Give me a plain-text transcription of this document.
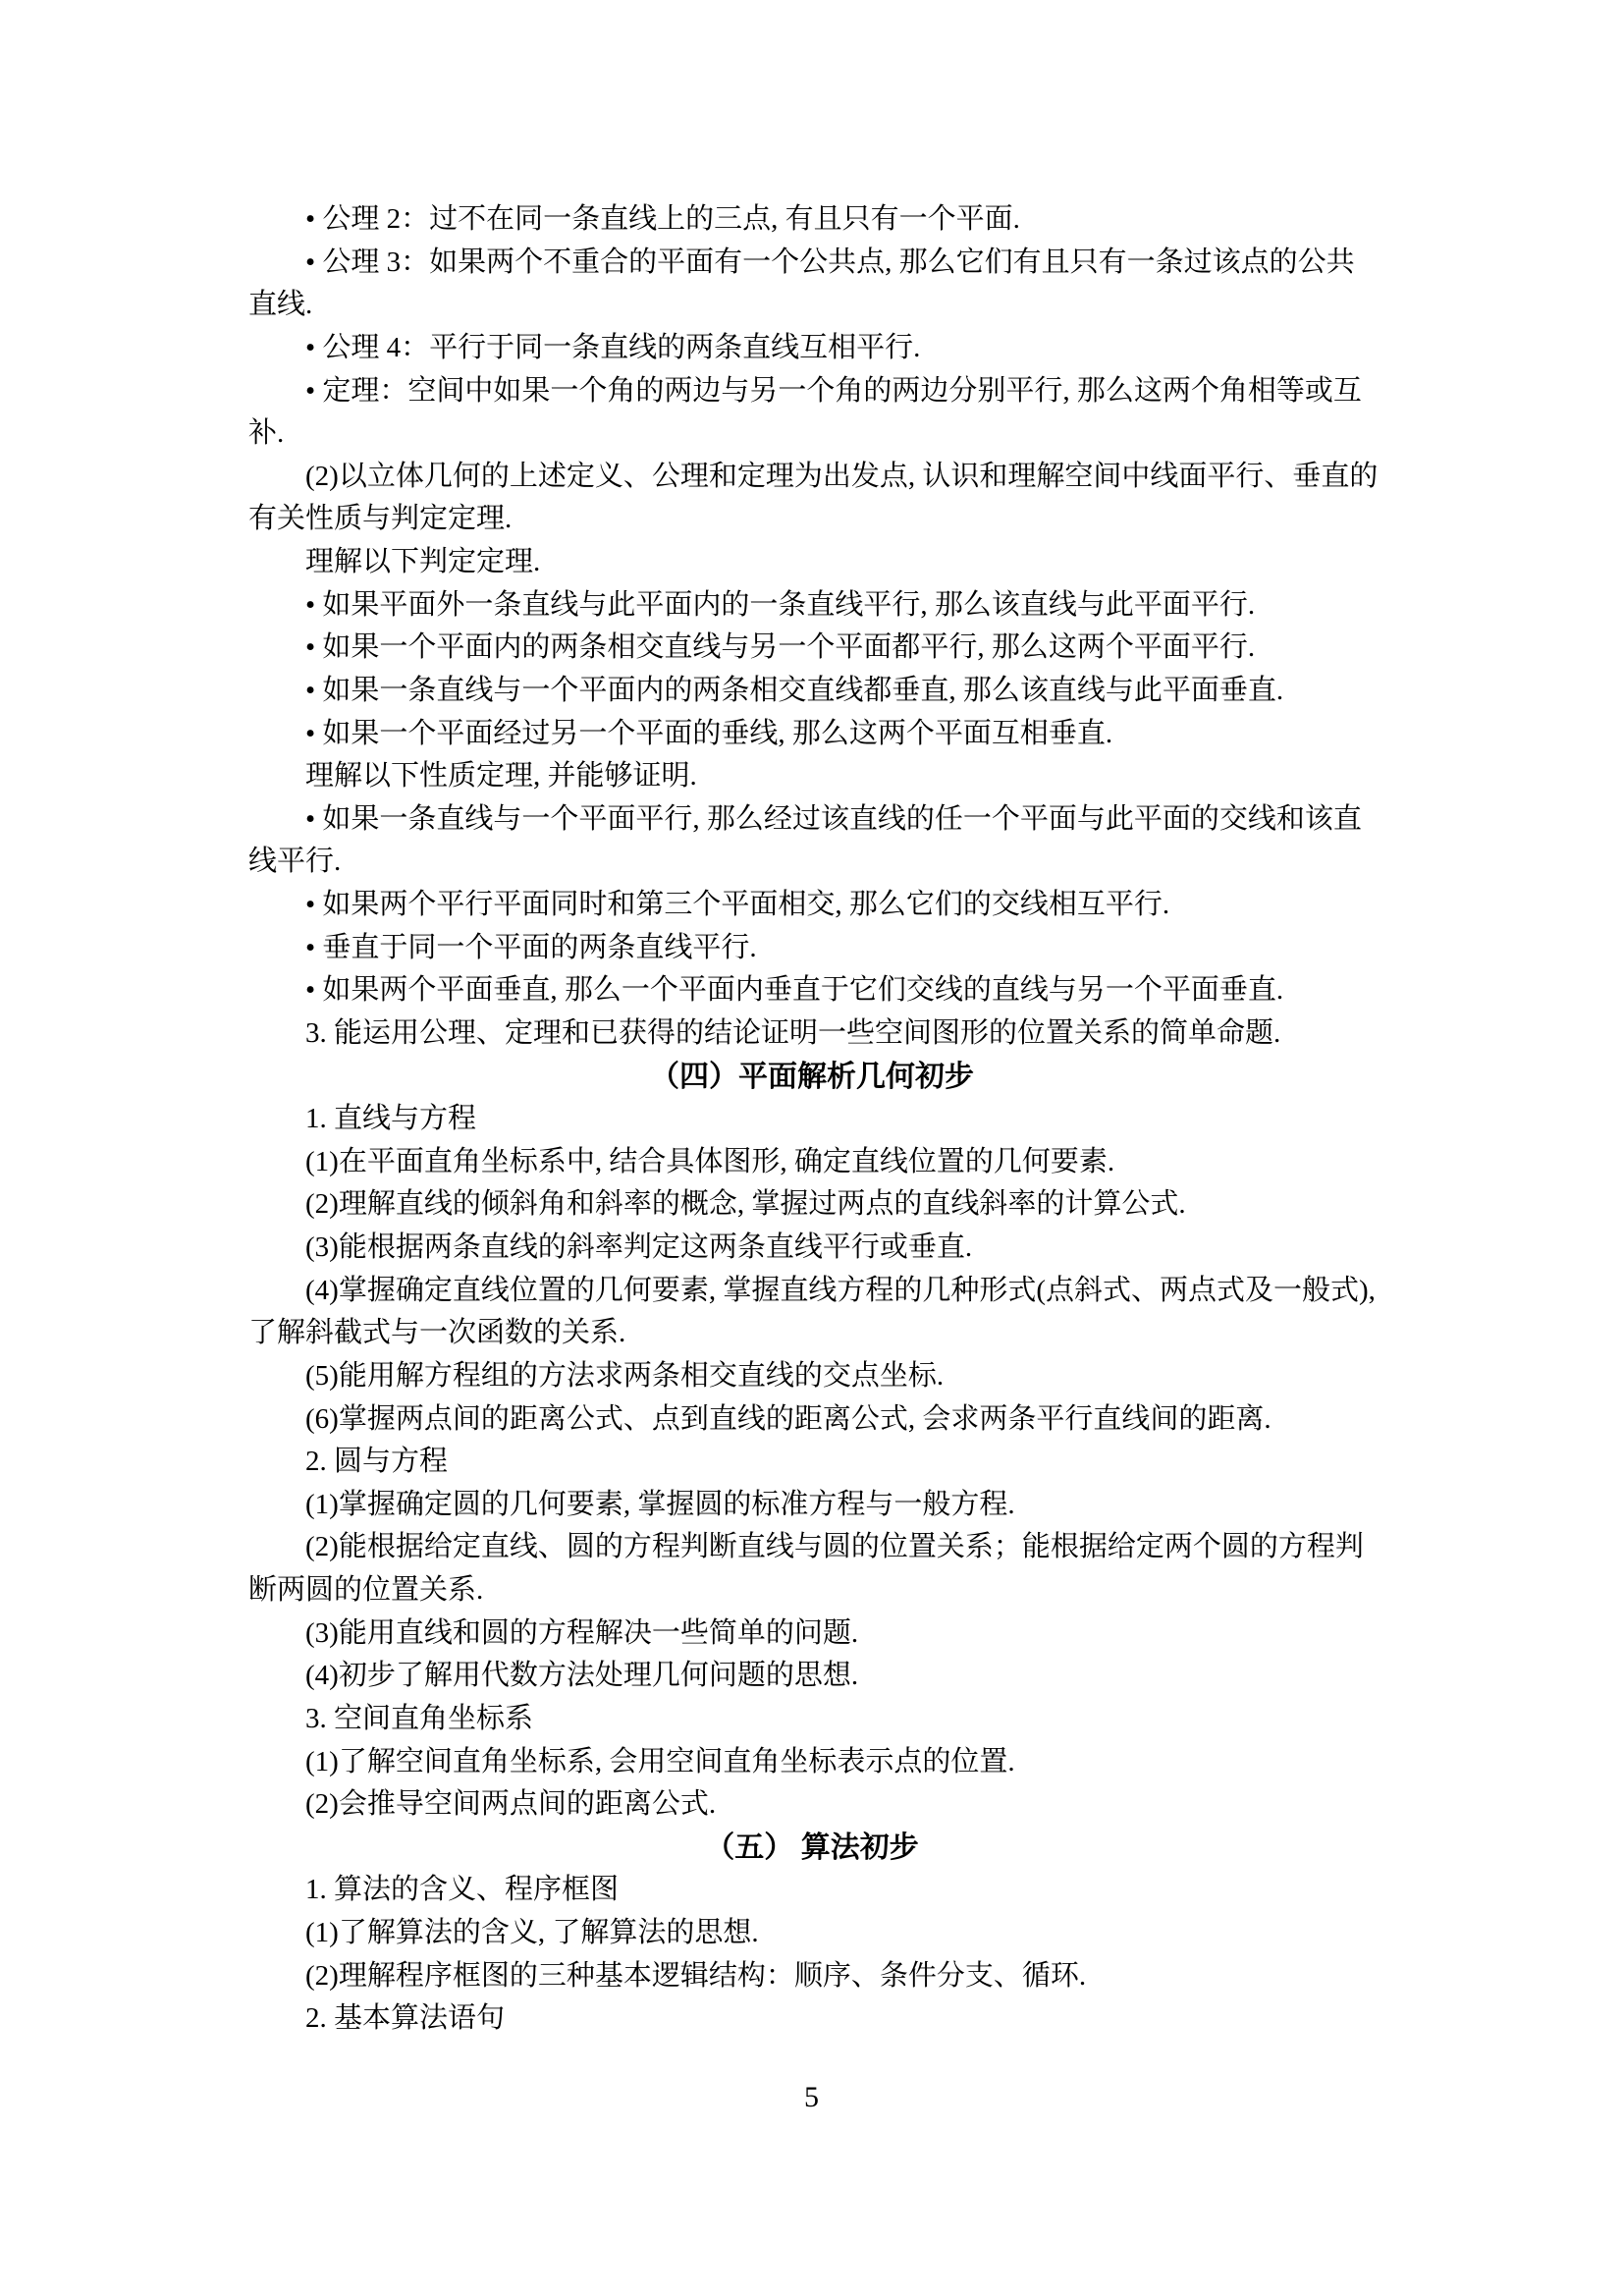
• 公理 2：过不在同一条直线上的三点, 有且只有一个平面.
• 公理 3：如果两个不重合的平面有一个公共点, 那么它们有且只有一条过该点的公共
直线.
• 公理 4：平行于同一条直线的两条直线互相平行.
• 定理：空间中如果一个角的两边与另一个角的两边分别平行, 那么这两个角相等或互
补.
(2)以立体几何的上述定义、公理和定理为出发点, 认识和理解空间中线面平行、垂直的
有关性质与判定定理.
理解以下判定定理.
• 如果平面外一条直线与此平面内的一条直线平行, 那么该直线与此平面平行.
• 如果一个平面内的两条相交直线与另一个平面都平行, 那么这两个平面平行.
• 如果一条直线与一个平面内的两条相交直线都垂直, 那么该直线与此平面垂直.
• 如果一个平面经过另一个平面的垂线, 那么这两个平面互相垂直.
理解以下性质定理, 并能够证明.
• 如果一条直线与一个平面平行, 那么经过该直线的任一个平面与此平面的交线和该直
线平行.
• 如果两个平行平面同时和第三个平面相交, 那么它们的交线相互平行.
• 垂直于同一个平面的两条直线平行.
• 如果两个平面垂直, 那么一个平面内垂直于它们交线的直线与另一个平面垂直.
3. 能运用公理、定理和已获得的结论证明一些空间图形的位置关系的简单命题.
（四）平面解析几何初步
1. 直线与方程
(1)在平面直角坐标系中, 结合具体图形, 确定直线位置的几何要素.
(2)理解直线的倾斜角和斜率的概念, 掌握过两点的直线斜率的计算公式.
(3)能根据两条直线的斜率判定这两条直线平行或垂直.
(4)掌握确定直线位置的几何要素, 掌握直线方程的几种形式(点斜式、两点式及一般式),
了解斜截式与一次函数的关系.
(5)能用解方程组的方法求两条相交直线的交点坐标.
(6)掌握两点间的距离公式、点到直线的距离公式, 会求两条平行直线间的距离.
2. 圆与方程
(1)掌握确定圆的几何要素, 掌握圆的标准方程与一般方程.
(2)能根据给定直线、圆的方程判断直线与圆的位置关系；能根据给定两个圆的方程判
断两圆的位置关系.
(3)能用直线和圆的方程解决一些简单的问题.
(4)初步了解用代数方法处理几何问题的思想.
3. 空间直角坐标系
(1)了解空间直角坐标系, 会用空间直角坐标表示点的位置.
(2)会推导空间两点间的距离公式.
（五） 算法初步
1. 算法的含义、程序框图
(1)了解算法的含义, 了解算法的思想.
(2)理解程序框图的三种基本逻辑结构：顺序、条件分支、循环.
2. 基本算法语句
5
